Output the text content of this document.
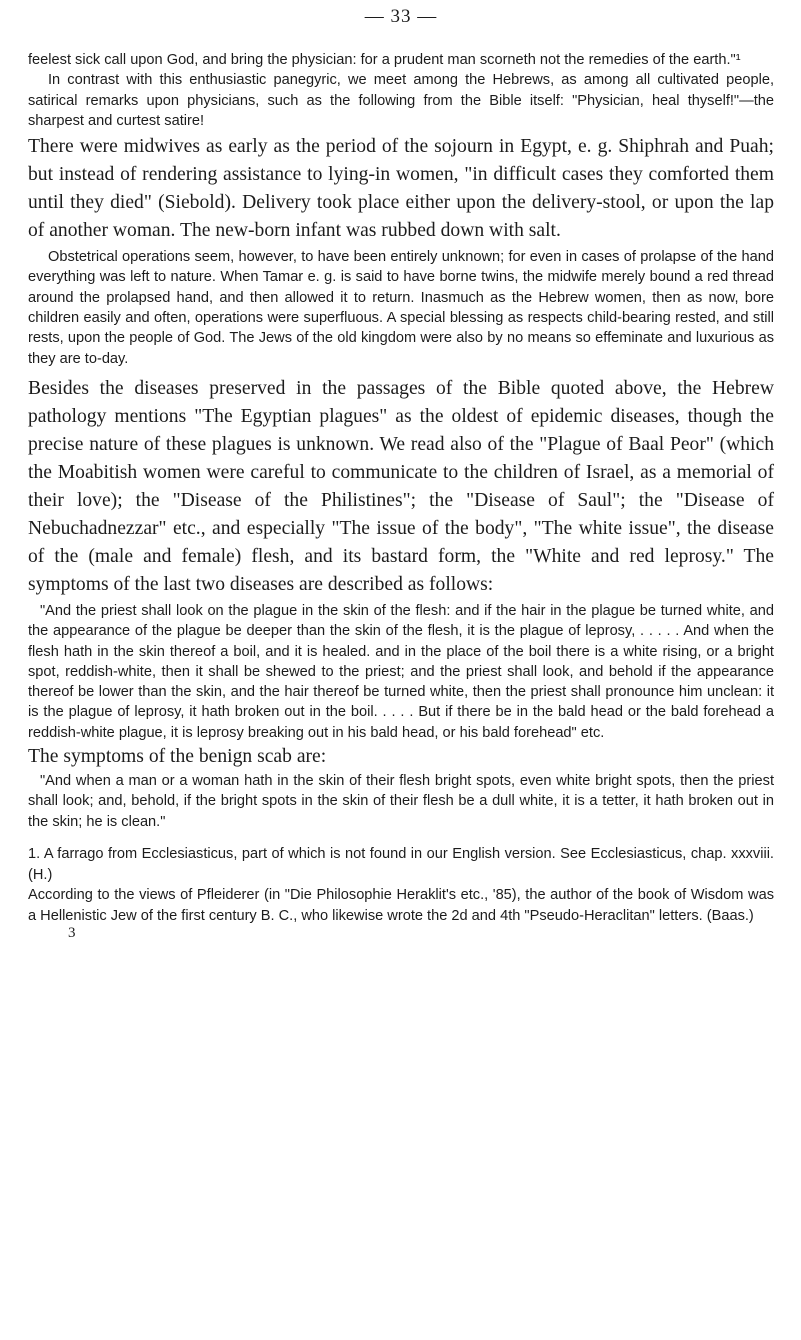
— 33 —

feelest sick call upon God, and bring the physician: for a prudent man scorneth not the remedies of the earth."¹

In contrast with this enthusiastic panegyric, we meet among the Hebrews, as among all cultivated people, satirical remarks upon physicians, such as the following from the Bible itself: "Physician, heal thyself!"—the sharpest and curtest satire!

There were midwives as early as the period of the sojourn in Egypt, e. g. Shiphrah and Puah; but instead of rendering assistance to lying-in women, "in difficult cases they comforted them until they died" (Siebold). Delivery took place either upon the delivery-stool, or upon the lap of another woman. The new-born infant was rubbed down with salt.

Obstetrical operations seem, however, to have been entirely unknown; for even in cases of prolapse of the hand everything was left to nature. When Tamar e. g. is said to have borne twins, the midwife merely bound a red thread around the prolapsed hand, and then allowed it to return. Inasmuch as the Hebrew women, then as now, bore children easily and often, operations were superfluous. A special blessing as respects child-bearing rested, and still rests, upon the people of God. The Jews of the old kingdom were also by no means so effeminate and luxurious as they are to-day.

Besides the diseases preserved in the passages of the Bible quoted above, the Hebrew pathology mentions "The Egyptian plagues" as the oldest of epidemic diseases, though the precise nature of these plagues is unknown. We read also of the "Plague of Baal Peor" (which the Moabitish women were careful to communicate to the children of Israel, as a memorial of their love); the "Disease of the Philistines"; the "Disease of Saul"; the "Disease of Nebuchadnezzar" etc., and especially "The issue of the body", "The white issue", the disease of the (male and female) flesh, and its bastard form, the "White and red leprosy." The symptoms of the last two diseases are described as follows:

"And the priest shall look on the plague in the skin of the flesh: and if the hair in the plague be turned white, and the appearance of the plague be deeper than the skin of the flesh, it is the plague of leprosy, . . . . . And when the flesh hath in the skin thereof a boil, and it is healed. and in the place of the boil there is a white rising, or a bright spot, reddish-white, then it shall be shewed to the priest; and the priest shall look, and behold if the appearance thereof be lower than the skin, and the hair thereof be turned white, then the priest shall pronounce him unclean: it is the plague of leprosy, it hath broken out in the boil. . . . . But if there be in the bald head or the bald forehead a reddish-white plague, it is leprosy breaking out in his bald head, or his bald forehead" etc.

The symptoms of the benign scab are:

"And when a man or a woman hath in the skin of their flesh bright spots, even white bright spots, then the priest shall look; and, behold, if the bright spots in the skin of their flesh be a dull white, it is a tetter, it hath broken out in the skin; he is clean."

1. A farrago from Ecclesiasticus, part of which is not found in our English version. See Ecclesiasticus, chap. xxxviii. (H.)

According to the views of Pfleiderer (in "Die Philosophie Heraklit's etc., '85), the author of the book of Wisdom was a Hellenistic Jew of the first century B. C., who likewise wrote the 2d and 4th "Pseudo-Heraclitan" letters. (Baas.)

3
